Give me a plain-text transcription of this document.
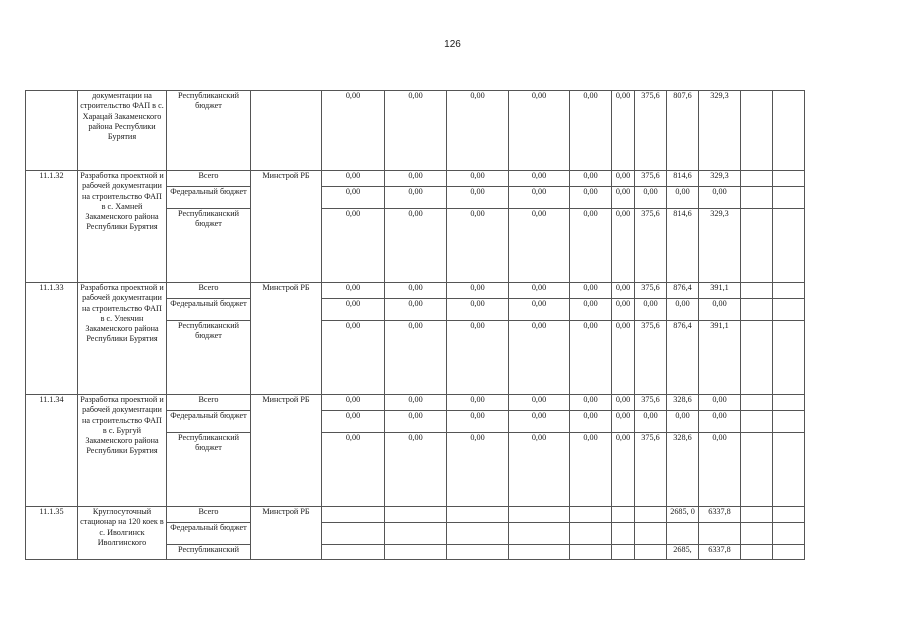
126
	документации на строительство ФАП в с. Харацай Закаменского района Республики Бурятия	Республиканский бюджет		0,00	0,00	0,00	0,00	0,00	0,00	375,6	807,6	329,3		
11.1.32	Разработка проектной и рабочей документации на строительство ФАП в с. Хамней Закаменского района Республики Бурятия	Всего	Минстрой РБ	0,00	0,00	0,00	0,00	0,00	0,00	375,6	814,6	329,3		
		Федеральный бюджет		0,00	0,00	0,00	0,00	0,00	0,00	0,00	0,00	0,00		
		Республиканский бюджет		0,00	0,00	0,00	0,00	0,00	0,00	375,6	814,6	329,3		
11.1.33	Разработка проектной и рабочей документации на строительство ФАП в с. Улекчин Закаменского района Республики Бурятия	Всего	Минстрой РБ	0,00	0,00	0,00	0,00	0,00	0,00	375,6	876,4	391,1		
		Федеральный бюджет		0,00	0,00	0,00	0,00	0,00	0,00	0,00	0,00	0,00		
		Республиканский бюджет		0,00	0,00	0,00	0,00	0,00	0,00	375,6	876,4	391,1		
11.1.34	Разработка проектной и рабочей документации на строительство ФАП в с. Бургуй Закаменского района Республики Бурятия	Всего	Минстрой РБ	0,00	0,00	0,00	0,00	0,00	0,00	375,6	328,6	0,00		
		Федеральный бюджет		0,00	0,00	0,00	0,00	0,00	0,00	0,00	0,00	0,00		
		Республиканский бюджет		0,00	0,00	0,00	0,00	0,00	0,00	375,6	328,6	0,00		
11.1.35	Круглосуточный стационар на 120 коек в с. Иволгинск Иволгинского	Всего	Минстрой РБ								2685, 0	6337,8		
		Федеральный бюджет												
		Республиканский									2685,	6337,8		
